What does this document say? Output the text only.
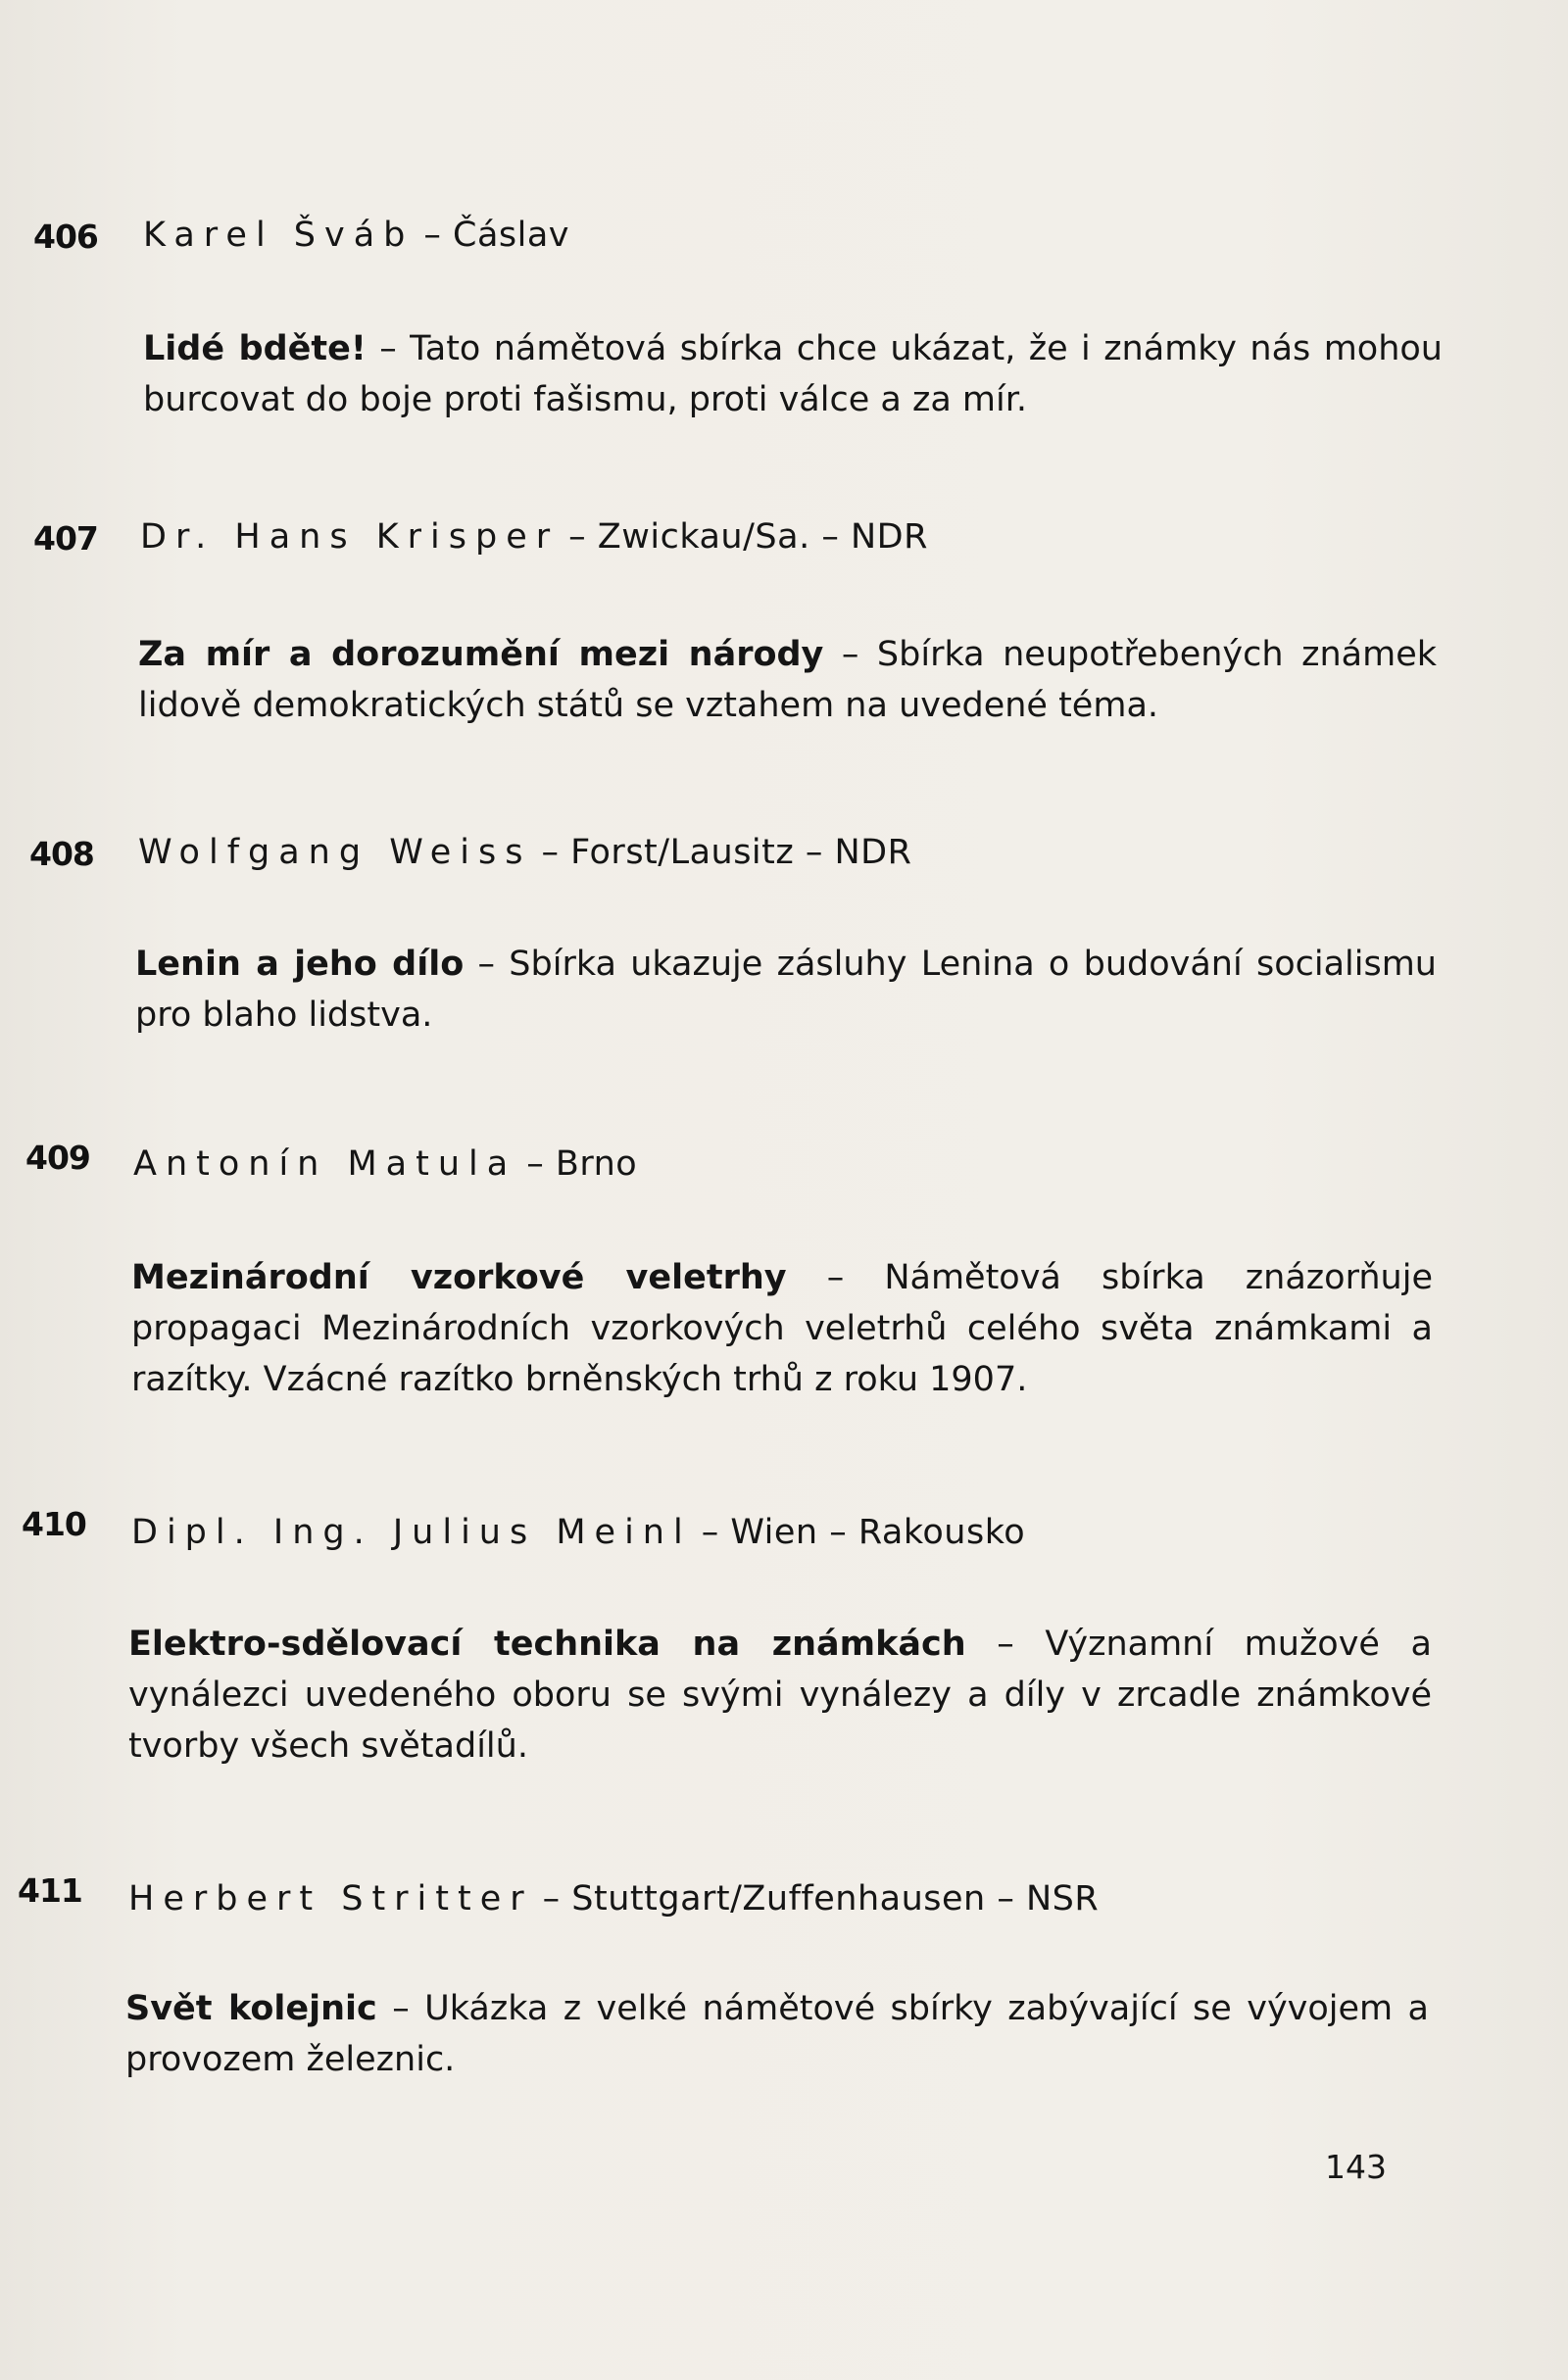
406 Karel Šváb – Čáslav
Lidé bděte! – Tato námětová sbírka chce ukázat, že i známky nás mohou burcovat do boje proti fašismu, proti válce a za mír.
407 Dr. Hans Krisper – Zwickau/Sa. – NDR
Za mír a dorozumění mezi národy – Sbírka neupotřebených známek lidově demokratických států se vztahem na uvedené téma.
408 Wolfgang Weiss – Forst/Lausitz – NDR
Lenin a jeho dílo – Sbírka ukazuje zásluhy Lenina o budování socialismu pro blaho lidstva.
409 Antonín Matula – Brno
Mezinárodní vzorkové veletrhy – Námětová sbírka znázorňuje propagaci Mezinárodních vzorkových veletrhů celého světa známkami a razítky. Vzácné razítko brněnských trhů z roku 1907.
410 Dipl. Ing. Julius Meinl – Wien – Rakousko
Elektro-sdělovací technika na známkách – Významní mužové a vynálezci uvedeného oboru se svými vynálezy a díly v zrcadle známkové tvorby všech světadílů.
411 Herbert Stritter – Stuttgart/Zuffenhausen – NSR
Svět kolejnic – Ukázka z velké námětové sbírky zabývající se vývojem a provozem železnic.
143
